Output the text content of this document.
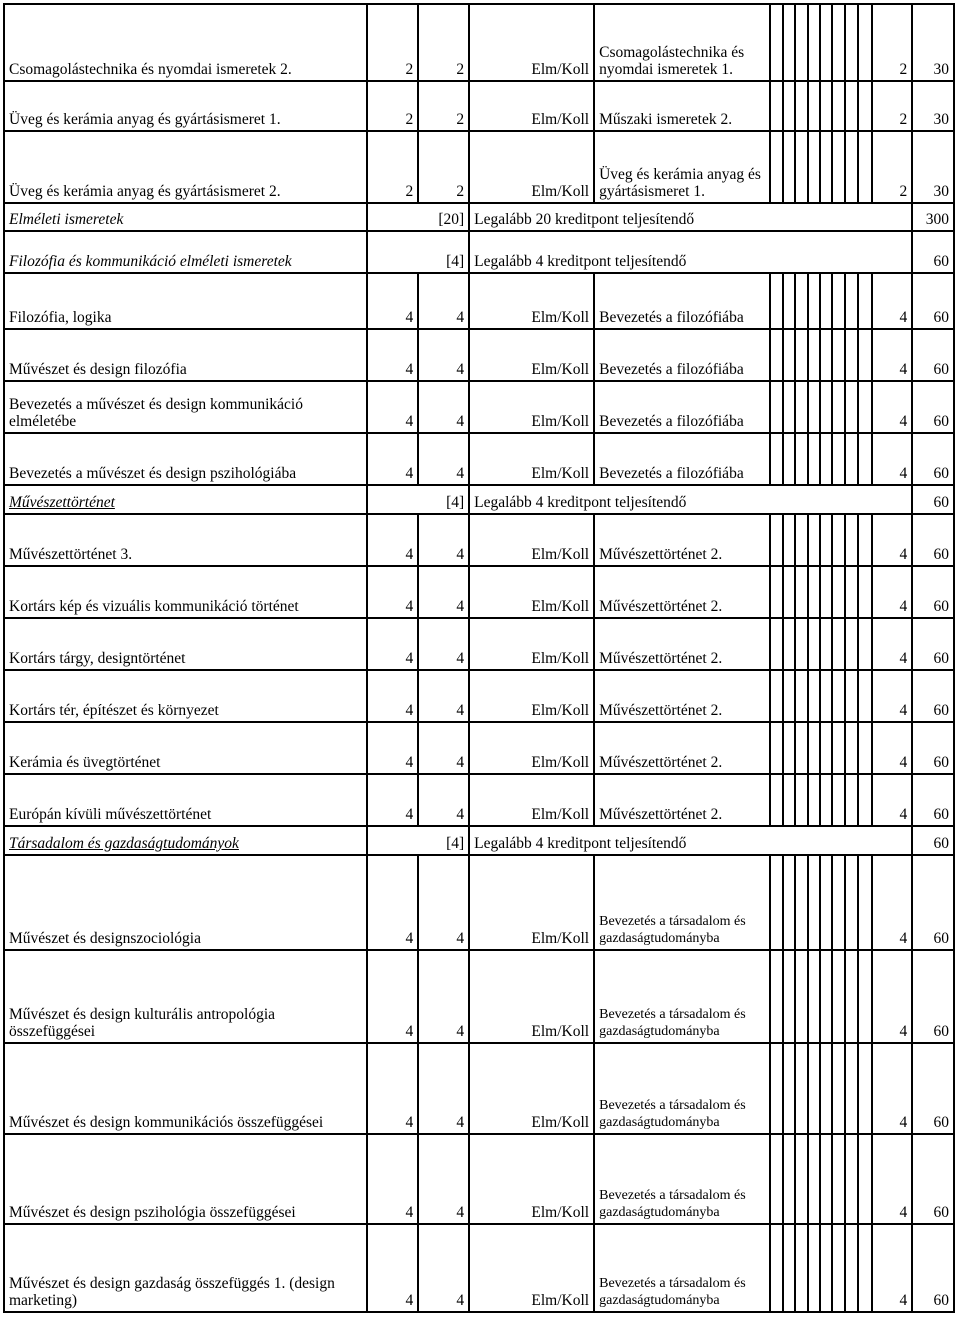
Csomagolástechnika és nyomdai ismeretek 2.	2	2	Elm/Koll	Csomagolástechnika és nyomdai ismeretek 1.									2	30
Üveg és kerámia anyag és gyártásismeret 1.	2	2	Elm/Koll	Műszaki ismeretek 2.									2	30
Üveg és kerámia anyag és gyártásismeret 2.	2	2	Elm/Koll	Üveg és kerámia anyag és gyártásismeret 1.									2	30
Elméleti ismeretek	[20]		Legalább 20 kreditpont teljesítendő											300
Filozófia és kommunikáció elméleti ismeretek	[4]		Legalább 4 kreditpont teljesítendő											60
Filozófia, logika	4	4	Elm/Koll	Bevezetés a filozófiába									4	60
Művészet és design filozófia	4	4	Elm/Koll	Bevezetés a filozófiába									4	60
Bevezetés a művészet és design kommunikáció elméletébe	4	4	Elm/Koll	Bevezetés a filozófiába									4	60
Bevezetés a művészet és design pszihológiába	4	4	Elm/Koll	Bevezetés a filozófiába									4	60
Művészettörténet	[4]		Legalább 4 kreditpont teljesítendő											60
Művészettörténet 3.	4	4	Elm/Koll	Művészettörténet 2.									4	60
Kortárs kép és vizuális kommunikáció történet	4	4	Elm/Koll	Művészettörténet 2.									4	60
Kortárs tárgy, designtörténet	4	4	Elm/Koll	Művészettörténet 2.									4	60
Kortárs tér, építészet és környezet	4	4	Elm/Koll	Művészettörténet 2.									4	60
Kerámia és üvegtörténet	4	4	Elm/Koll	Művészettörténet 2.									4	60
Európán kívüli művészettörténet	4	4	Elm/Koll	Művészettörténet 2.									4	60
Társadalom és gazdaságtudományok	[4]		Legalább 4 kreditpont teljesítendő											60
Művészet és designszociológia	4	4	Elm/Koll	Bevezetés a társadalom és gazdaságtudományba									4	60
Művészet és design kulturális antropológia összefüggései	4	4	Elm/Koll	Bevezetés a társadalom és gazdaságtudományba									4	60
Művészet és design kommunikációs összefüggései	4	4	Elm/Koll	Bevezetés a társadalom és gazdaságtudományba									4	60
Művészet és design pszihológia összefüggései	4	4	Elm/Koll	Bevezetés a társadalom és gazdaságtudományba									4	60
Művészet és design gazdaság összefüggés 1. (design marketing)	4	4	Elm/Koll	Bevezetés a társadalom és gazdaságtudományba									4	60
